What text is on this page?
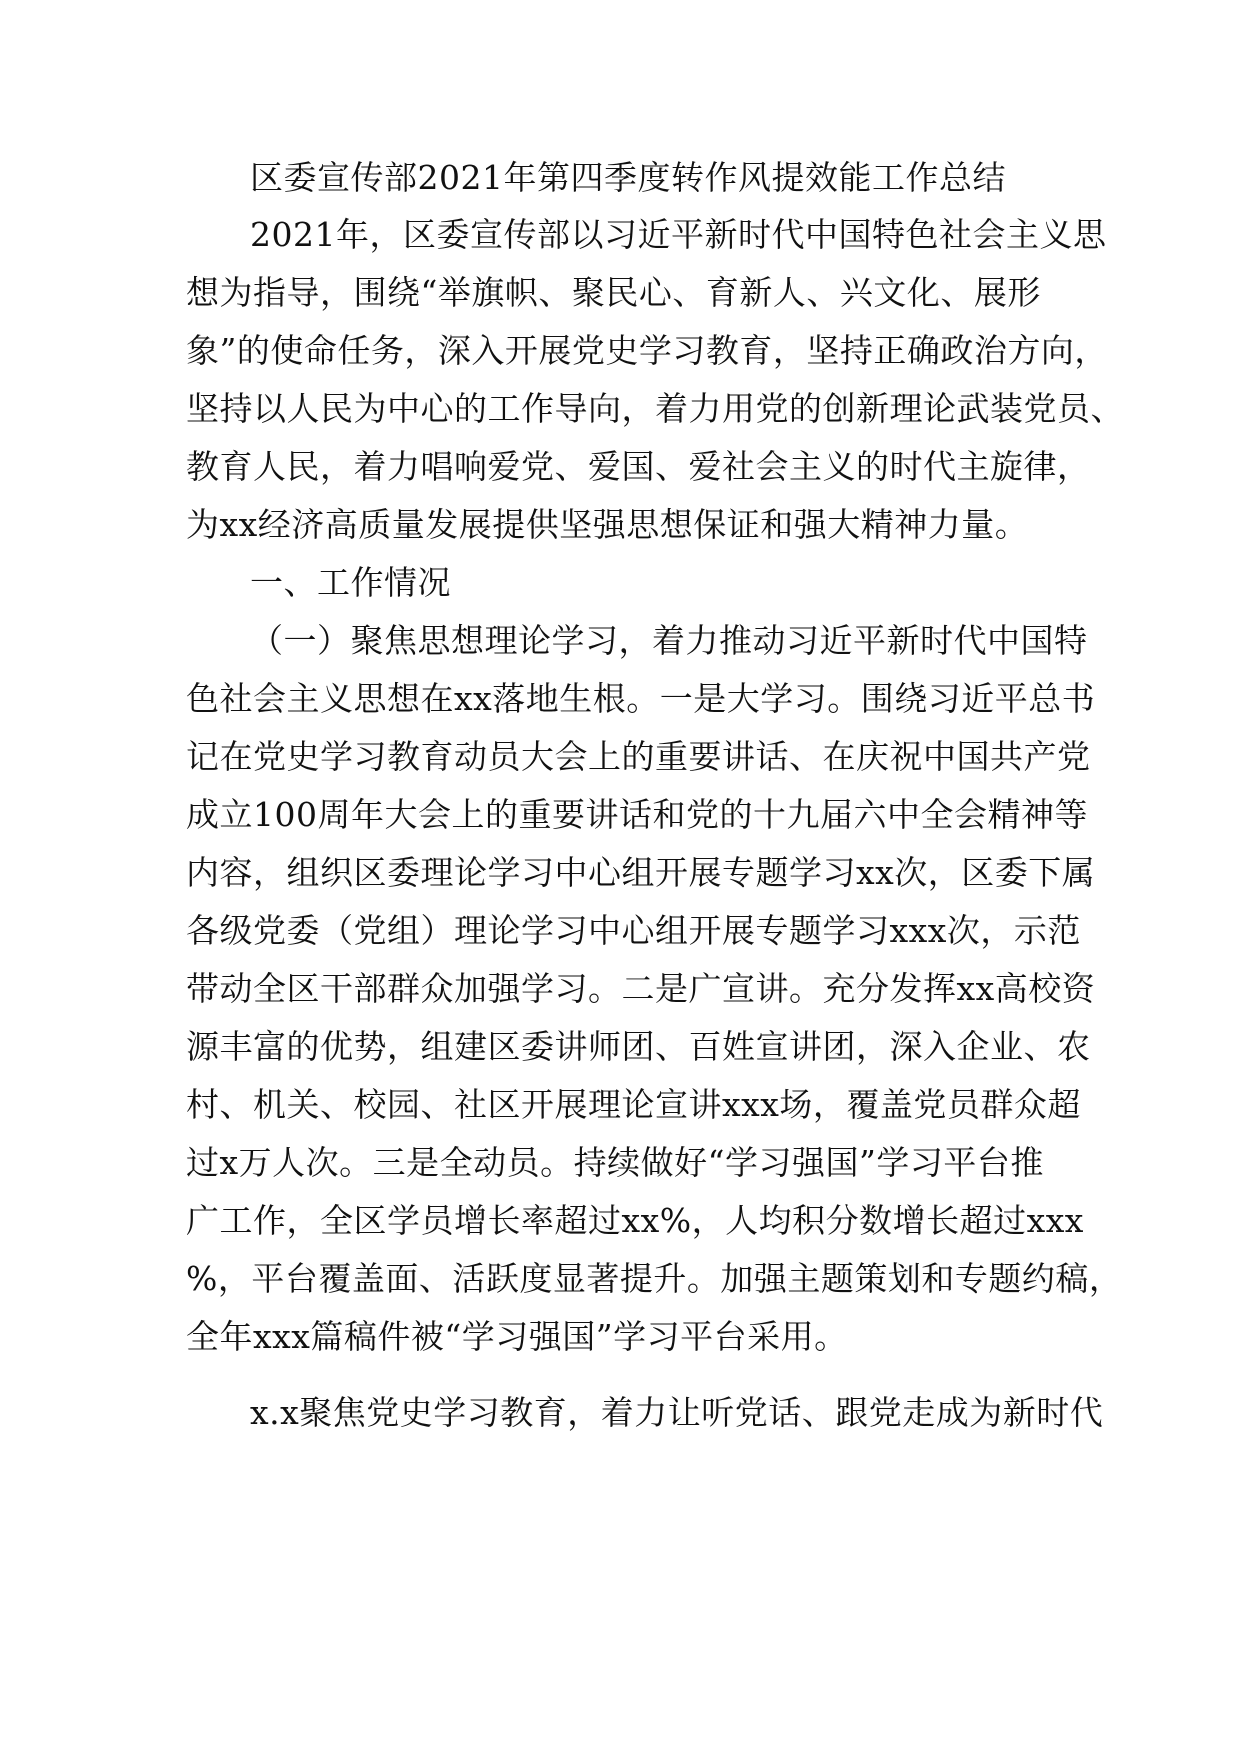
区委宣传部2021年第四季度转作风提效能工作总结
2021年，区委宣传部以习近平新时代中国特色社会主义思
想为指导，围绕“举旗帜、聚民心、育新人、兴文化、展形
象”的使命任务，深入开展党史学习教育，坚持正确政治方向，
坚持以人民为中心的工作导向，着力用党的创新理论武装党员、
教育人民，着力唱响爱党、爱国、爱社会主义的时代主旋律，
为xx经济高质量发展提供坚强思想保证和强大精神力量。
一、工作情况
（一）聚焦思想理论学习，着力推动习近平新时代中国特
色社会主义思想在xx落地生根。一是大学习。围绕习近平总书
记在党史学习教育动员大会上的重要讲话、在庆祝中国共产党
成立100周年大会上的重要讲话和党的十九届六中全会精神等
内容，组织区委理论学习中心组开展专题学习xx次，区委下属
各级党委（党组）理论学习中心组开展专题学习xxx次，示范
带动全区干部群众加强学习。二是广宣讲。充分发挥xx高校资
源丰富的优势，组建区委讲师团、百姓宣讲团，深入企业、农
村、机关、校园、社区开展理论宣讲xxx场，覆盖党员群众超
过x万人次。三是全动员。持续做好“学习强国”学习平台推
广工作，全区学员增长率超过xx%，人均积分数增长超过xxx
%，平台覆盖面、活跃度显著提升。加强主题策划和专题约稿，
全年xxx篇稿件被“学习强国”学习平台采用。
x.x聚焦党史学习教育，着力让听党话、跟党走成为新时代
